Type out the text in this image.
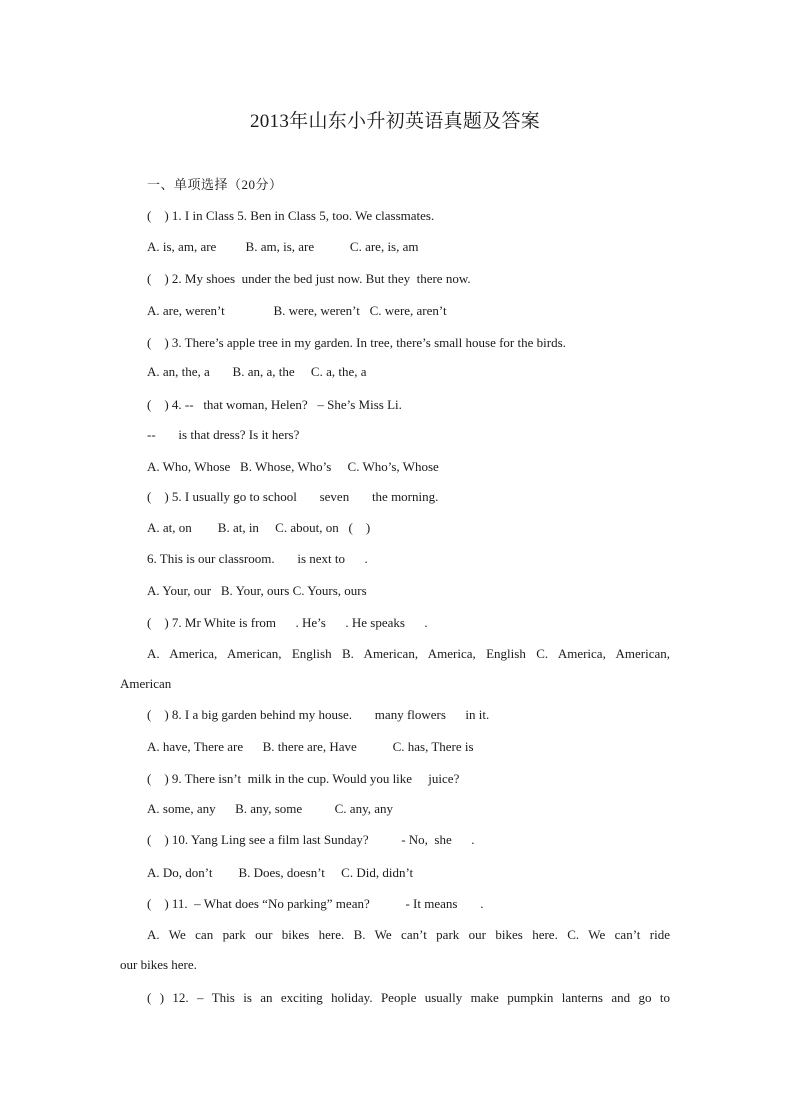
2013年山东小升初英语真题及答案
一、单项选择（20分）
(    ) 1. I in Class 5. Ben in Class 5, too. We classmates.
A. is, am, are         B. am, is, are           C. are, is, am
(    ) 2. My shoes  under the bed just now. But they  there now.
A. are, weren’t               B. were, weren’t   C. were, aren’t
(    ) 3. There’s apple tree in my garden. In tree, there’s small house for the birds.
A. an, the, a       B. an, a, the     C. a, the, a
(    ) 4. --   that woman, Helen?   – She’s Miss Li.
--       is that dress? Is it hers?
A. Who, Whose   B. Whose, Who’s     C. Who’s, Whose
(    ) 5. I usually go to school       seven       the morning.
A. at, on        B. at, in     C. about, on   (    )
6. This is our classroom.       is next to      .
A. Your, our   B. Your, ours C. Yours, ours
(    ) 7. Mr White is from      . He’s      . He speaks      .
A. America, American, English B. American, America, English C. America, American,
American
(    ) 8. I a big garden behind my house.       many flowers      in it.
A. have, There are      B. there are, Have           C. has, There is
(    ) 9. There isn’t  milk in the cup. Would you like     juice?
A. some, any      B. any, some          C. any, any
(    ) 10. Yang Ling see a film last Sunday?          - No,  she      .
A. Do, don’t        B. Does, doesn’t     C. Did, didn’t
(    ) 11.  – What does “No parking” mean?           - It means       .
A. We can park our bikes here. B. We can’t park our bikes here. C. We can’t ride
our bikes here.
( ) 12. – This is an exciting holiday. People usually make pumpkin lanterns and go to
